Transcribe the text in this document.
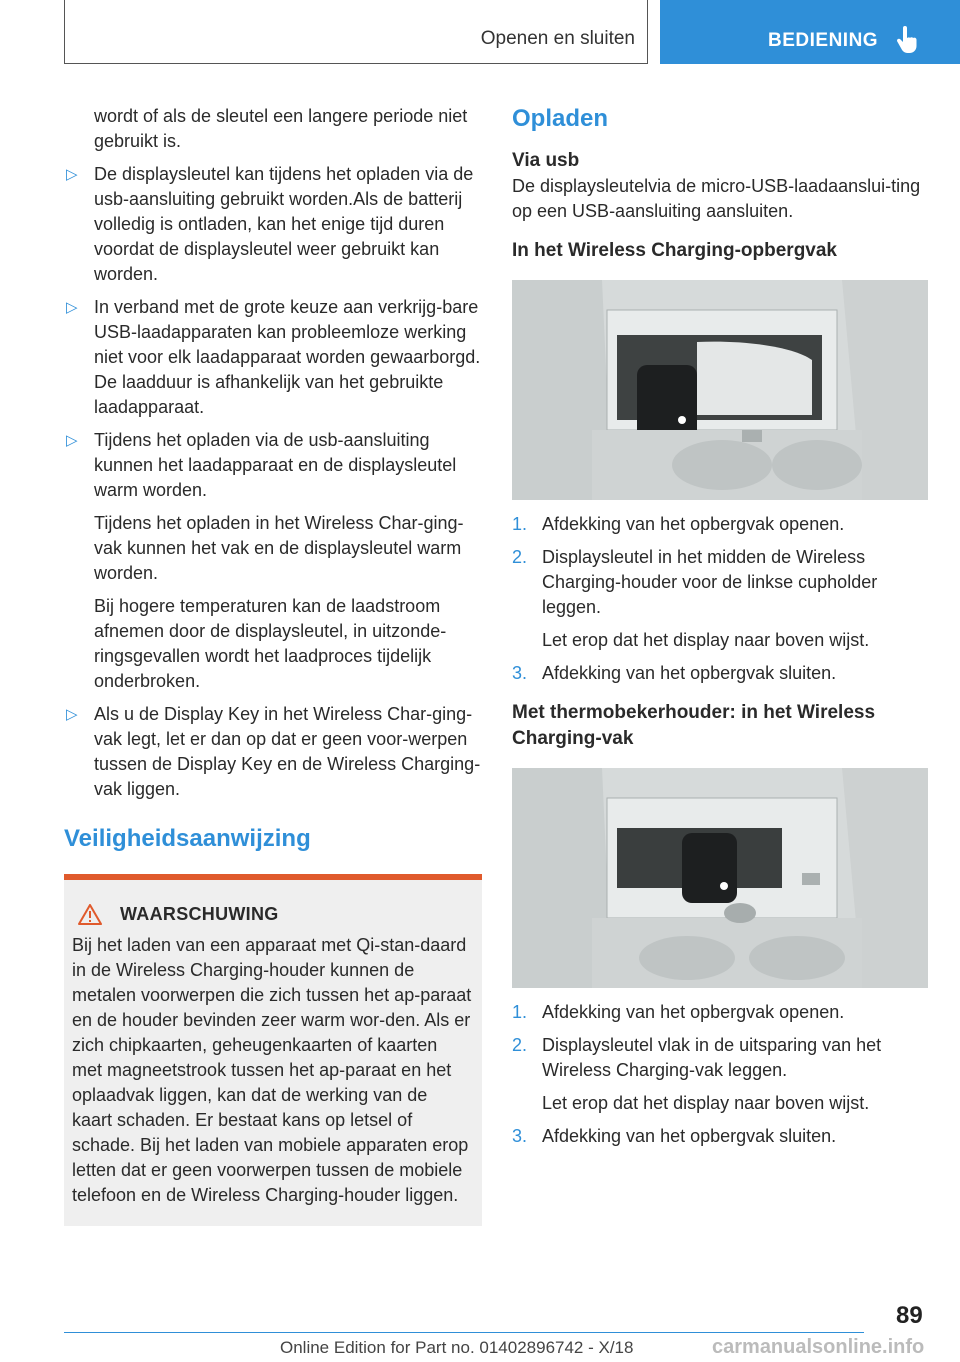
Openen en sluiten	BEDIENING

wordt of als de sleutel een langere periode niet gebruikt is.

▷ De displaysleutel kan tijdens het opladen via de usb-aansluiting gebruikt worden.Als de batterij volledig is ontladen, kan het enige tijd duren voordat de displaysleutel weer gebruikt kan worden.
▷ In verband met de grote keuze aan verkrijg‐bare USB-laadapparaten kan probleemloze werking niet voor elk laadapparaat worden gewaarborgd. De laadduur is afhankelijk van het gebruikte laadapparaat.
▷ Tijdens het opladen via de usb-aansluiting kunnen het laadapparaat en de displaysleutel warm worden.

Tijdens het opladen in het Wireless Char‐ging-vak kunnen het vak en de displaysleutel warm worden.

Bij hogere temperaturen kan de laadstroom afnemen door de displaysleutel, in uitzonde‐ringsgevallen wordt het laadproces tijdelijk onderbroken.

▷ Als u de Display Key in het Wireless Char‐ging-vak legt, let er dan op dat er geen voor‐werpen tussen de Display Key en de Wireless Charging-vak liggen.
Veiligheidsaanwijzing
WAARSCHUWING
Bij het laden van een apparaat met Qi-stan‐daard in de Wireless Charging-houder kunnen de metalen voorwerpen die zich tussen het ap‐paraat en de houder bevinden zeer warm wor‐den. Als er zich chipkaarten, geheugenkaarten of kaarten met magneetstrook tussen het ap‐paraat en het oplaadvak liggen, kan dat de werking van de kaart schaden. Er bestaat kans op letsel of schade. Bij het laden van mobiele apparaten erop letten dat er geen voorwerpen tussen de mobiele telefoon en de Wireless Charging-houder liggen.
Opladen
Via usb

De displaysleutelvia de micro-USB-laadaanslui‐ting op een USB-aansluiting aansluiten.

In het Wireless Charging-opbergvak
1. Afdekking van het opbergvak openen.
2. Displaysleutel in het midden de Wireless Charging-houder voor de linkse cupholder leggen.

Let erop dat het display naar boven wijst.

3. Afdekking van het opbergvak sluiten.
Met thermobekerhouder: in het Wireless Charging-vak
1. Afdekking van het opbergvak openen.
2. Displaysleutel vlak in de uitsparing van het Wireless Charging-vak leggen.

Let erop dat het display naar boven wijst.

3. Afdekking van het opbergvak sluiten.
89
Online Edition for Part no. 01402896742 - X/18	carmanualsonline.info
